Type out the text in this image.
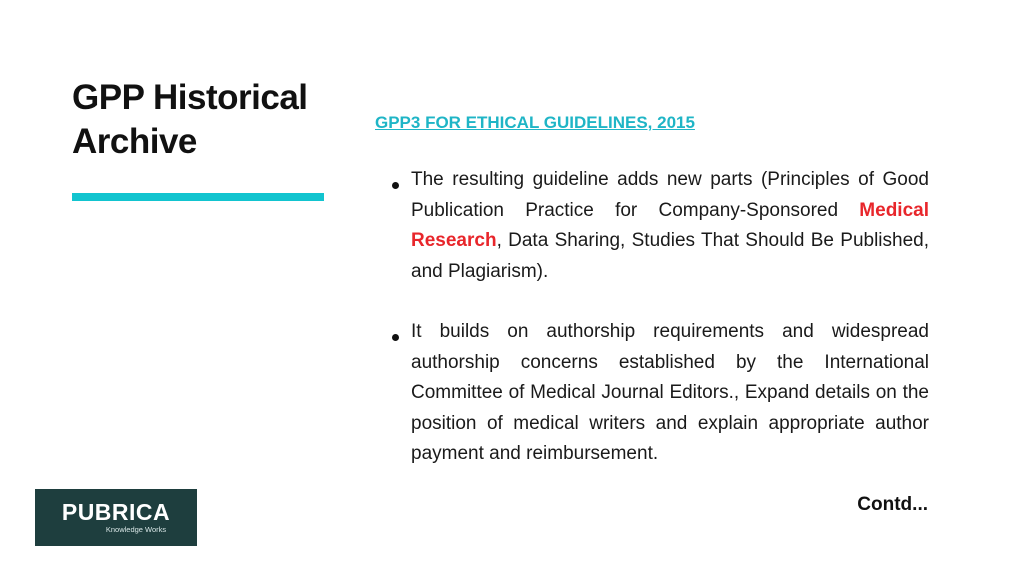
GPP Historical
Archive	GPP3 FOR ETHICAL GUIDELINES, 2015
The resulting guideline adds new parts (Principles of Good Publication Practice for Company-Sponsored Medical Research, Data Sharing, Studies That Should Be Published, and Plagiarism).
It builds on authorship requirements and widespread authorship concerns established by the International Committee of Medical Journal Editors., Expand details on the position of medical writers and explain appropriate author payment and reimbursement.
Contd...
PUBRICA
Knowledge Works
